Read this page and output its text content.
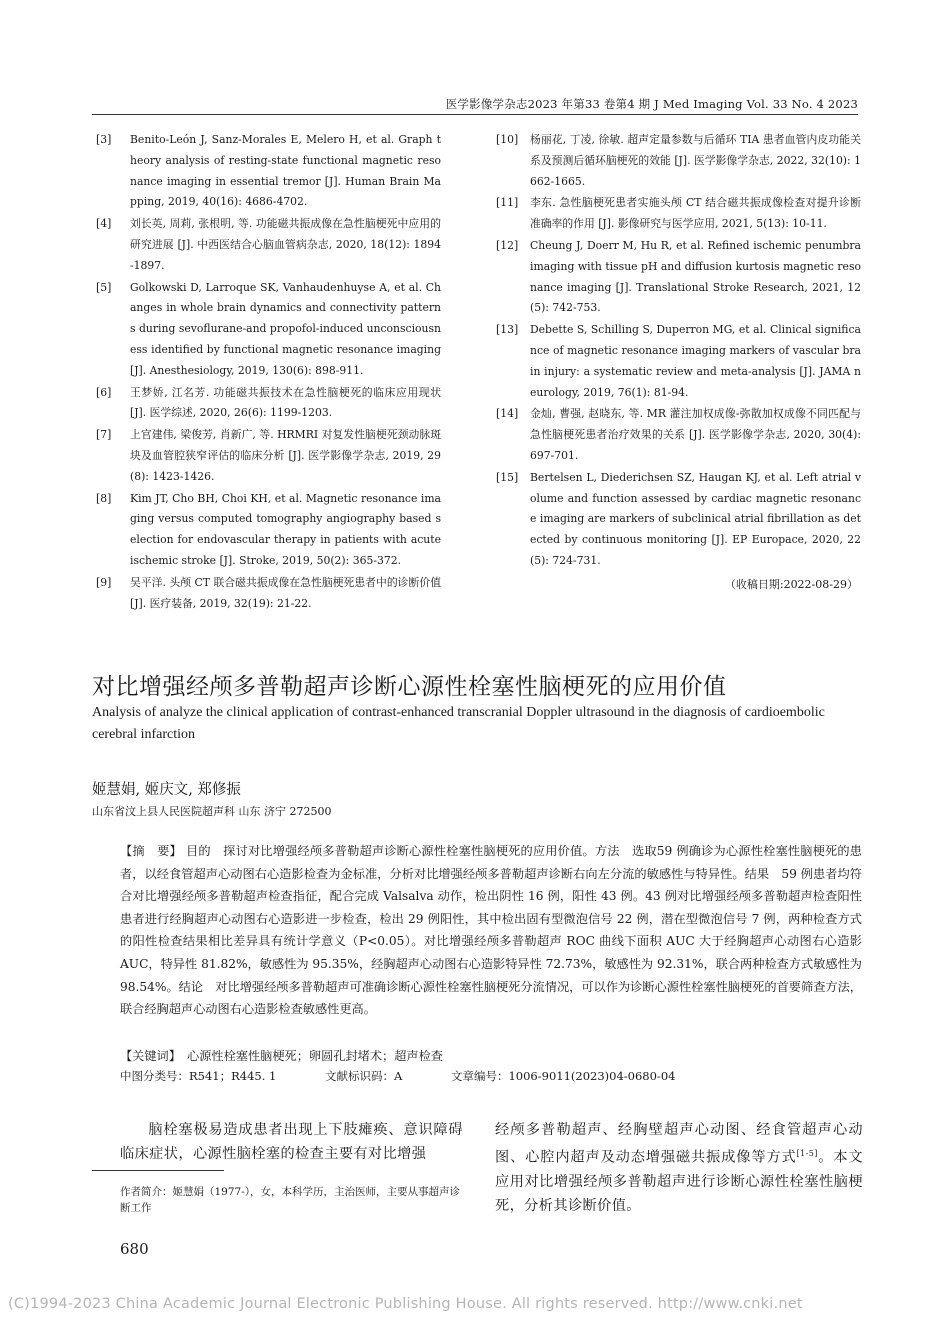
医学影像学杂志2023 年第33 卷第4 期 J Med Imaging Vol. 33 No. 4 2023
[3]	Benito-León J, Sanz-Morales E, Melero H, et al. Graph theory analysis of resting-state functional magnetic resonance imaging in essential tremor [J]. Human Brain Mapping, 2019, 40(16): 4686-4702.
[4]	刘长英, 周莉, 张根明, 等. 功能磁共振成像在急性脑梗死中应用的研究进展 [J]. 中西医结合心脑血管病杂志, 2020, 18(12): 1894-1897.
[5]	Golkowski D, Larroque SK, Vanhaudenhuyse A, et al. Changes in whole brain dynamics and connectivity patterns during sevoflurane-and propofol-induced unconsciousness identified by functional magnetic resonance imaging [J]. Anesthesiology, 2019, 130(6): 898-911.
[6]	王梦娇, 江名芳. 功能磁共振技术在急性脑梗死的临床应用现状 [J]. 医学综述, 2020, 26(6): 1199-1203.
[7]	上官建伟, 梁俊芳, 肖新广, 等. HRMRI 对复发性脑梗死颈动脉斑块及血管腔狭窄评估的临床分析 [J]. 医学影像学杂志, 2019, 29(8): 1423-1426.
[8]	Kim JT, Cho BH, Choi KH, et al. Magnetic resonance imaging versus computed tomography angiography based selection for endovascular therapy in patients with acute ischemic stroke [J]. Stroke, 2019, 50(2): 365-372.
[9]	吴平洋. 头颅 CT 联合磁共振成像在急性脑梗死患者中的诊断价值 [J]. 医疗装备, 2019, 32(19): 21-22.
[10]	杨丽花, 丁凌, 徐敏. 超声定量参数与后循环 TIA 患者血管内皮功能关系及预测后循环脑梗死的效能 [J]. 医学影像学杂志, 2022, 32(10): 1662-1665.
[11]	李东. 急性脑梗死患者实施头颅 CT 结合磁共振成像检查对提升诊断准确率的作用 [J]. 影像研究与医学应用, 2021, 5(13): 10-11.
[12]	Cheung J, Doerr M, Hu R, et al. Refined ischemic penumbra imaging with tissue pH and diffusion kurtosis magnetic resonance imaging [J]. Translational Stroke Research, 2021, 12(5): 742-753.
[13]	Debette S, Schilling S, Duperron MG, et al. Clinical significance of magnetic resonance imaging markers of vascular brain injury: a systematic review and meta-analysis [J]. JAMA neurology, 2019, 76(1): 81-94.
[14]	金灿, 曹强, 赵晓东, 等. MR 灌注加权成像-弥散加权成像不同匹配与急性脑梗死患者治疗效果的关系 [J]. 医学影像学杂志, 2020, 30(4): 697-701.
[15]	Bertelsen L, Diederichsen SZ, Haugan KJ, et al. Left atrial volume and function assessed by cardiac magnetic resonance imaging are markers of subclinical atrial fibrillation as detected by continuous monitoring [J]. EP Europace, 2020, 22(5): 724-731.
（收稿日期:2022-08-29）
对比增强经颅多普勒超声诊断心源性栓塞性脑梗死的应用价值
Analysis of analyze the clinical application of contrast-enhanced transcranial Doppler ultrasound in the diagnosis of cardioembolic cerebral infarction
姬慧娟, 姬庆文, 郑修振
山东省汶上县人民医院超声科 山东 济宁 272500
【摘　要】 目的　探讨对比增强经颅多普勒超声诊断心源性栓塞性脑梗死的应用价值。方法　选取59 例确诊为心源性栓塞性脑梗死的患者，以经食管超声心动图右心造影检查为金标准，分析对比增强经颅多普勒超声诊断右向左分流的敏感性与特异性。结果　59 例患者均符合对比增强经颅多普勒超声检查指征，配合完成 Valsalva 动作，检出阴性 16 例，阳性 43 例。43 例对比增强经颅多普勒超声检查阳性患者进行经胸超声心动图右心造影进一步检查，检出 29 例阳性，其中检出固有型微泡信号 22 例，潜在型微泡信号 7 例，两种检查方式的阳性检查结果相比差异具有统计学意义（P<0.05）。对比增强经颅多普勒超声 ROC 曲线下面积 AUC 大于经胸超声心动图右心造影 AUC，特异性 81.82%，敏感性为 95.35%，经胸超声心动图右心造影特异性 72.73%，敏感性为 92.31%，联合两种检查方式敏感性为 98.54%。结论　对比增强经颅多普勒超声可准确诊断心源性栓塞性脑梗死分流情况，可以作为诊断心源性栓塞性脑梗死的首要筛查方法，联合经胸超声心动图右心造影检查敏感性更高。
【关键词】　心源性栓塞性脑梗死；卵圆孔封堵术；超声检查
中图分类号：R541；R445. 1	文献标识码：A	文章编号：1006-9011(2023)04-0680-04
脑栓塞极易造成患者出现上下肢瘫痪、意识障碍临床症状，心源性脑栓塞的检查主要有对比增强
经颅多普勒超声、经胸壁超声心动图、经食管超声心动图、心腔内超声及动态增强磁共振成像等方式[1-5]。本文应用对比增强经颅多普勒超声进行诊断心源性栓塞性脑梗死，分析其诊断价值。
作者简介：姬慧娟（1977-），女，本科学历，主治医师，主要从事超声诊断工作
680
(C)1994-2023 China Academic Journal Electronic Publishing House. All rights reserved. http://www.cnki.net
